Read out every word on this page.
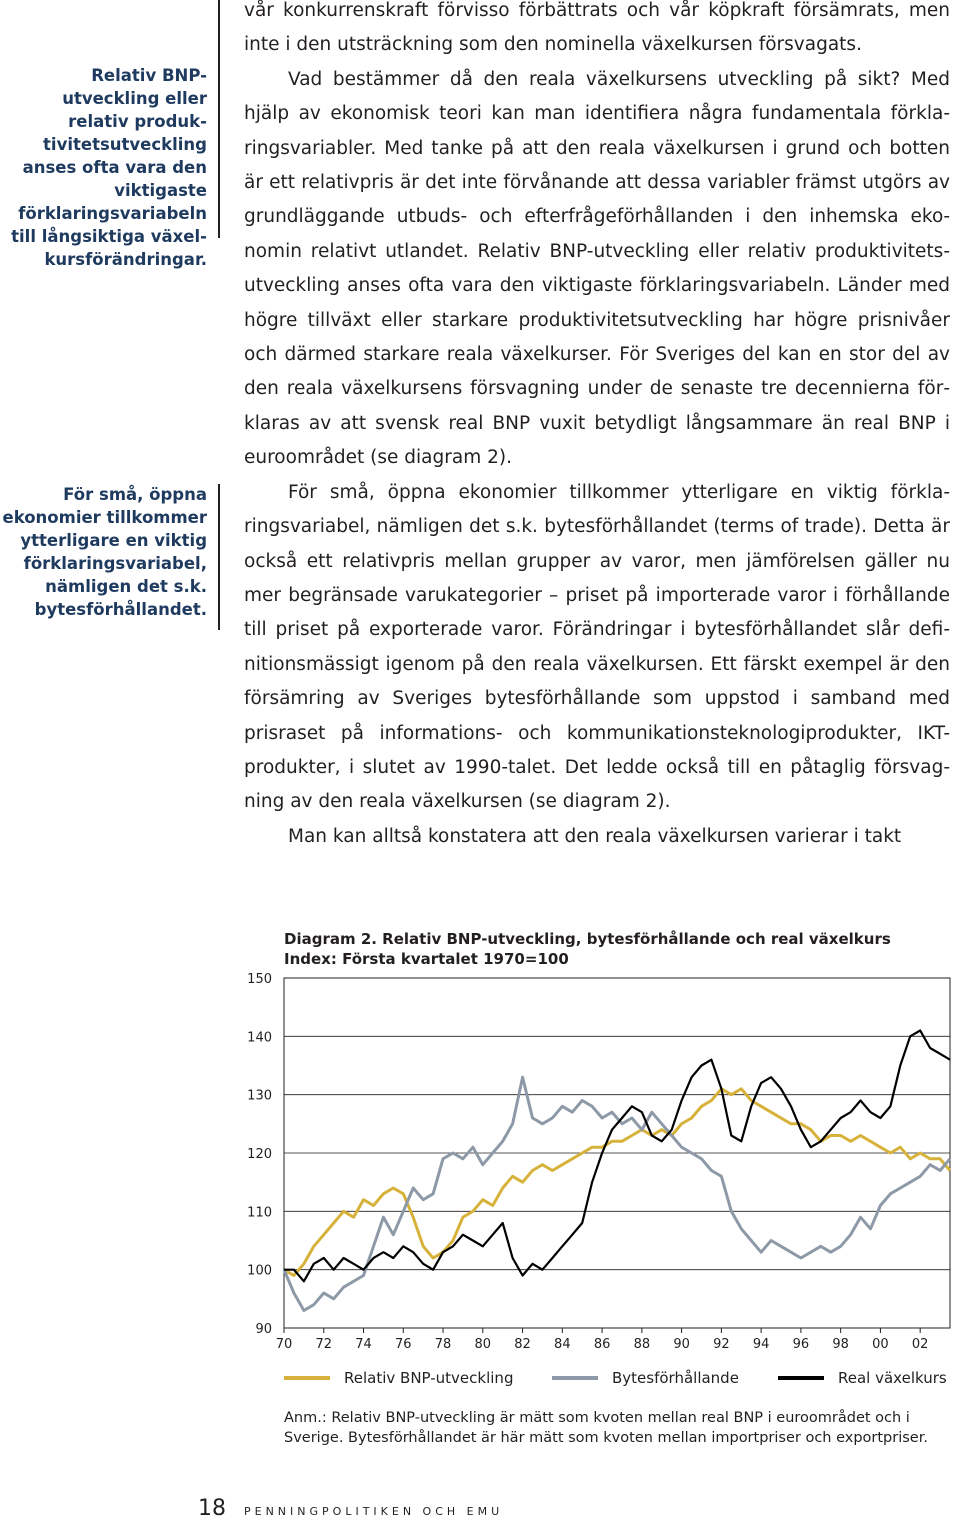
Relativ BNP-utveckling eller relativ produktivitetsutveckling anses ofta vara den viktigaste förklaringsvariabeln till långsiktiga växelkursförändringar.
För små, öppna ekonomier tillkommer ytterligare en viktig förklaringsvariabel, nämligen det s.k. bytesförhållandet.

vår konkurrenskraft förvisso förbättrats och vår köpkraft försämrats, men inte i den utsträckning som den nominella växelkursen försvagats.

Vad bestämmer då den reala växelkursens utveckling på sikt? Med hjälp av ekonomisk teori kan man identifiera några fundamentala förklaringsvariabler. Med tanke på att den reala växelkursen i grund och botten är ett relativpris är det inte förvånande att dessa variabler främst utgörs av grundläggande utbuds- och efterfrågeförhållanden i den inhemska ekonomin relativt utlandet. Relativ BNP-utveckling eller relativ produktivitetsutveckling anses ofta vara den viktigaste förklaringsvariabeln. Länder med högre tillväxt eller starkare produktivitetsutveckling har högre prisnivåer och därmed starkare reala växelkurser. För Sveriges del kan en stor del av den reala växelkursens försvagning under de senaste tre decennierna förklaras av att svensk real BNP vuxit betydligt långsammare än real BNP i euroområdet (se diagram 2).

För små, öppna ekonomier tillkommer ytterligare en viktig förklaringsvariabel, nämligen det s.k. bytesförhållandet (terms of trade). Detta är också ett relativpris mellan grupper av varor, men jämförelsen gäller nu mer begränsade varukategorier – priset på importerade varor i förhållande till priset på exporterade varor. Förändringar i bytesförhållandet slår definitionsmässigt igenom på den reala växelkursen. Ett färskt exempel är den försämring av Sveriges bytesförhållande som uppstod i samband med prisraset på informations- och kommunikationsteknologiprodukter, IKT-produkter, i slutet av 1990-talet. Det ledde också till en påtaglig försvagning av den reala växelkursen (se diagram 2).

Man kan alltså konstatera att den reala växelkursen varierar i takt

Diagram 2. Relativ BNP-utveckling, bytesförhållande och real växelkurs
Index: Första kvartalet 1970=100
90
100
110
120
130
140
150
70 72 74 76 78 80 82 84 86 88 90 92 94 96 98 00 02
Relativ BNP-utveckling	Bytesförhållande	Real växelkurs
Anm.: Relativ BNP-utveckling är mätt som kvoten mellan real BNP i euroområdet och i Sverige. Bytesförhållandet är här mätt som kvoten mellan importpriser och exportpriser.
18 PENNINGPOLITIKEN OCH EMU
